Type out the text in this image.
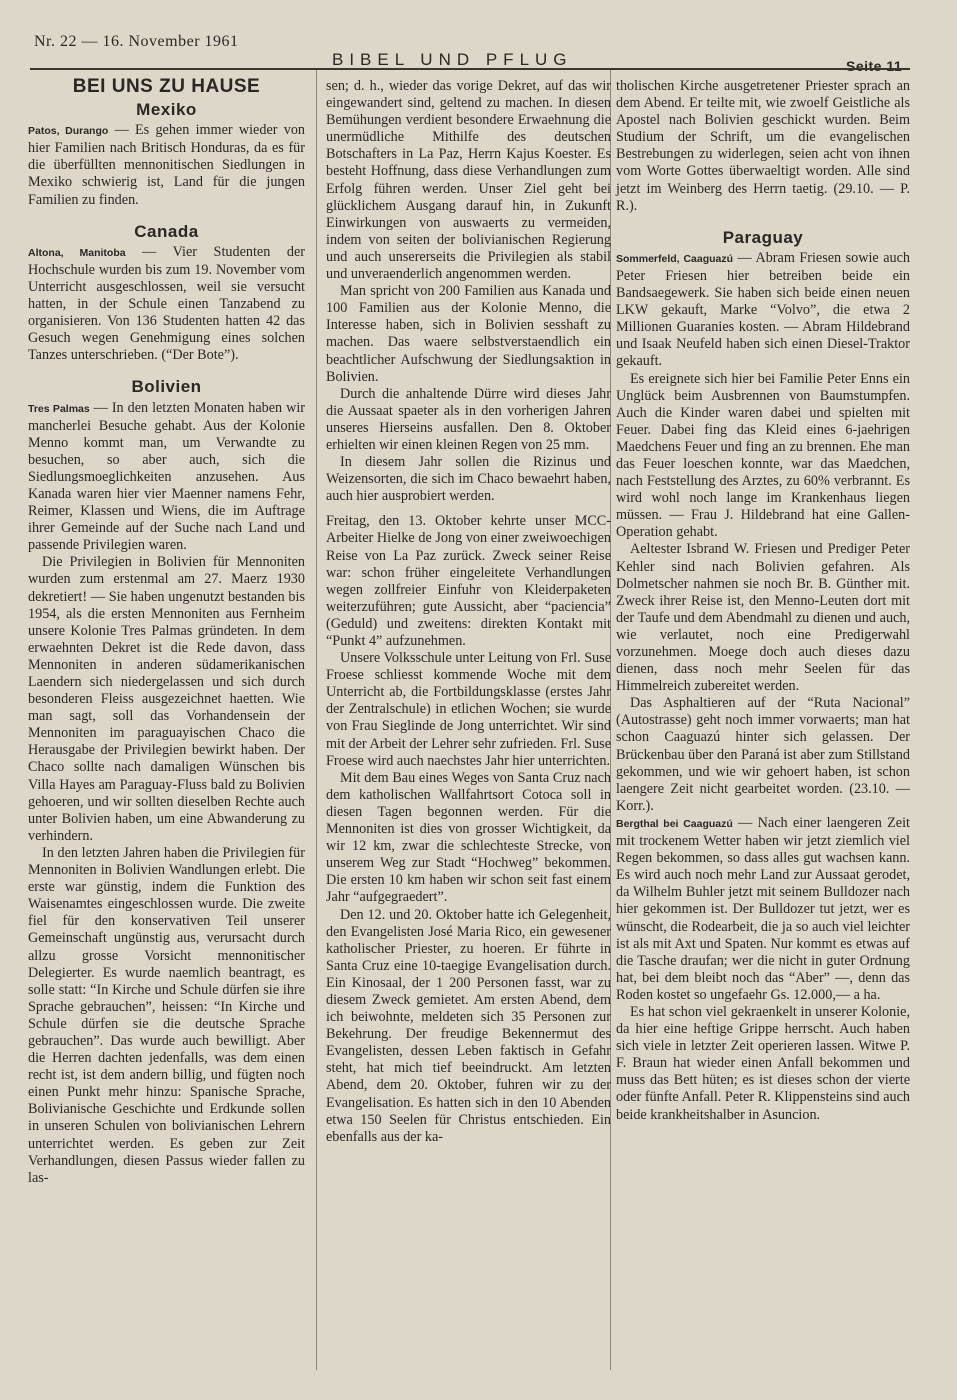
Nr. 22 — 16. November 1961
BIBEL UND PFLUG	Seite 11
BEI UNS ZU HAUSE
Mexiko

Patos, Durango — Es gehen immer wieder von hier Familien nach Britisch Honduras, da es für die überfüllten mennonitischen Siedlungen in Mexiko schwierig ist, Land für die jungen Familien zu finden.

Canada

Altona, Manitoba — Vier Studenten der Hochschule wurden bis zum 19. November vom Unterricht ausgeschlossen, weil sie versucht hatten, in der Schule einen Tanzabend zu organisieren. Von 136 Studenten hatten 42 das Gesuch wegen Genehmigung eines solchen Tanzes unterschrieben. (“Der Bote”).

Bolivien

Tres Palmas — In den letzten Monaten haben wir mancherlei Besuche gehabt. Aus der Kolonie Menno kommt man, um Verwandte zu besuchen, so aber auch, sich die Siedlungsmoeglichkeiten anzusehen. Aus Kanada waren hier vier Maenner namens Fehr, Reimer, Klassen und Wiens, die im Auftrage ihrer Gemeinde auf der Suche nach Land und passende Privilegien waren.

Die Privilegien in Bolivien für Mennoniten wurden zum erstenmal am 27. Maerz 1930 dekretiert! — Sie haben ungenutzt bestanden bis 1954, als die ersten Mennoniten aus Fernheim unsere Kolonie Tres Palmas gründeten. In dem erwaehnten Dekret ist die Rede davon, dass Mennoniten in anderen südamerikanischen Laendern sich niedergelassen und sich durch besonderen Fleiss ausgezeichnet haetten. Wie man sagt, soll das Vorhandensein der Mennoniten im paraguayischen Chaco die Herausgabe der Privilegien bewirkt haben. Der Chaco sollte nach damaligen Wünschen bis Villa Hayes am Paraguay-Fluss bald zu Bolivien gehoeren, und wir sollten dieselben Rechte auch unter Bolivien haben, um eine Abwanderung zu verhindern.

In den letzten Jahren haben die Privilegien für Mennoniten in Bolivien Wandlungen erlebt. Die erste war günstig, indem die Funktion des Waisenamtes eingeschlossen wurde. Die zweite fiel für den konservativen Teil unserer Gemeinschaft ungünstig aus, verursacht durch allzu grosse Vorsicht mennonitischer Delegierter. Es wurde naemlich beantragt, es solle statt: “In Kirche und Schule dürfen sie ihre Sprache gebrauchen”, heissen: “In Kirche und Schule dürfen sie die deutsche Sprache gebrauchen”. Das wurde auch bewilligt. Aber die Herren dachten jedenfalls, was dem einen recht ist, ist dem andern billig, und fügten noch einen Punkt mehr hinzu: Spanische Sprache, Bolivianische Geschichte und Erdkunde sollen in unseren Schulen von bolivianischen Lehrern unterrichtet werden. Es geben zur Zeit Verhandlungen, diesen Passus wieder fallen zu las-

sen; d. h., wieder das vorige Dekret, auf das wir eingewandert sind, geltend zu machen. In diesen Bemühungen verdient besondere Erwaehnung die unermüdliche Mithilfe des deutschen Botschafters in La Paz, Herrn Kajus Koester. Es besteht Hoffnung, dass diese Verhandlungen zum Erfolg führen werden. Unser Ziel geht bei glücklichem Ausgang darauf hin, in Zukunft Einwirkungen von auswaerts zu vermeiden, indem von seiten der bolivianischen Regierung und auch unsererseits die Privilegien als stabil und unveraenderlich angenommen werden.

Man spricht von 200 Familien aus Kanada und 100 Familien aus der Kolonie Menno, die Interesse haben, sich in Bolivien sesshaft zu machen. Das waere selbstverstaendlich ein beachtlicher Aufschwung der Siedlungsaktion in Bolivien.

Durch die anhaltende Dürre wird dieses Jahr die Aussaat spaeter als in den vorherigen Jahren unseres Hierseins ausfallen. Den 8. Oktober erhielten wir einen kleinen Regen von 25 mm.

In diesem Jahr sollen die Rizinus und Weizensorten, die sich im Chaco bewaehrt haben, auch hier ausprobiert werden.

Freitag, den 13. Oktober kehrte unser MCC-Arbeiter Hielke de Jong von einer zweiwoechigen Reise von La Paz zurück. Zweck seiner Reise war: schon früher eingeleitete Verhandlungen wegen zollfreier Einfuhr von Kleiderpaketen weiterzuführen; gute Aussicht, aber “paciencia” (Geduld) und zweitens: direkten Kontakt mit “Punkt 4” aufzunehmen.

Unsere Volksschule unter Leitung von Frl. Suse Froese schliesst kommende Woche mit dem Unterricht ab, die Fortbildungsklasse (erstes Jahr der Zentralschule) in etlichen Wochen; sie wurde von Frau Sieglinde de Jong unterrichtet. Wir sind mit der Arbeit der Lehrer sehr zufrieden. Frl. Suse Froese wird auch naechstes Jahr hier unterrichten.

Mit dem Bau eines Weges von Santa Cruz nach dem katholischen Wallfahrtsort Cotoca soll in diesen Tagen begonnen werden. Für die Mennoniten ist dies von grosser Wichtigkeit, da wir 12 km, zwar die schlechteste Strecke, von unserem Weg zur Stadt “Hochweg” bekommen. Die ersten 10 km haben wir schon seit fast einem Jahr “aufgegraedert”.

Den 12. und 20. Oktober hatte ich Gelegenheit, den Evangelisten José Maria Rico, ein gewesener katholischer Priester, zu hoeren. Er führte in Santa Cruz eine 10-taegige Evangelisation durch. Ein Kinosaal, der 1 200 Personen fasst, war zu diesem Zweck gemietet. Am ersten Abend, dem ich beiwohnte, meldeten sich 35 Personen zur Bekehrung. Der freudige Bekennermut des Evangelisten, dessen Leben faktisch in Gefahr steht, hat mich tief beeindruckt. Am letzten Abend, dem 20. Oktober, fuhren wir zu der Evangelisation. Es hatten sich in den 10 Abenden etwa 150 Seelen für Christus entschieden. Ein ebenfalls aus der ka-

tholischen Kirche ausgetretener Priester sprach an dem Abend. Er teilte mit, wie zwoelf Geistliche als Apostel nach Bolivien geschickt wurden. Beim Studium der Schrift, um die evangelischen Bestrebungen zu widerlegen, seien acht von ihnen vom Worte Gottes überwaeltigt worden. Alle sind jetzt im Weinberg des Herrn taetig. (29.10. — P. R.).

Paraguay

Sommerfeld, Caaguazú — Abram Friesen sowie auch Peter Friesen hier betreiben beide ein Bandsaegewerk. Sie haben sich beide einen neuen LKW gekauft, Marke “Volvo”, die etwa 2 Millionen Guaranies kosten. — Abram Hildebrand und Isaak Neufeld haben sich einen Diesel-Traktor gekauft.

Es ereignete sich hier bei Familie Peter Enns ein Unglück beim Ausbrennen von Baumstumpfen. Auch die Kinder waren dabei und spielten mit Feuer. Dabei fing das Kleid eines 6-jaehrigen Maedchens Feuer und fing an zu brennen. Ehe man das Feuer loeschen konnte, war das Maedchen, nach Feststellung des Arztes, zu 60% verbrannt. Es wird wohl noch lange im Krankenhaus liegen müssen. — Frau J. Hildebrand hat eine Gallen-Operation gehabt.

Aeltester Isbrand W. Friesen und Prediger Peter Kehler sind nach Bolivien gefahren. Als Dolmetscher nahmen sie noch Br. B. Günther mit. Zweck ihrer Reise ist, den Menno-Leuten dort mit der Taufe und dem Abendmahl zu dienen und auch, wie verlautet, noch eine Predigerwahl vorzunehmen. Moege doch auch dieses dazu dienen, dass noch mehr Seelen für das Himmelreich zubereitet werden.

Das Asphaltieren auf der “Ruta Nacional” (Autostrasse) geht noch immer vorwaerts; man hat schon Caaguazú hinter sich gelassen. Der Brückenbau über den Paraná ist aber zum Stillstand gekommen, und wie wir gehoert haben, ist schon laengere Zeit nicht gearbeitet worden. (23.10. — Korr.).

Bergthal bei Caaguazú — Nach einer laengeren Zeit mit trockenem Wetter haben wir jetzt ziemlich viel Regen bekommen, so dass alles gut wachsen kann. Es wird auch noch mehr Land zur Aussaat gerodet, da Wilhelm Buhler jetzt mit seinem Bulldozer nach hier gekommen ist. Der Bulldozer tut jetzt, wer es wünscht, die Rodearbeit, die ja so auch viel leichter ist als mit Axt und Spaten. Nur kommt es etwas auf die Tasche draufan; wer die nicht in guter Ordnung hat, bei dem bleibt noch das “Aber” —, denn das Roden kostet so ungefaehr Gs. 12.000,— a ha.

Es hat schon viel gekraenkelt in unserer Kolonie, da hier eine heftige Grippe herrscht. Auch haben sich viele in letzter Zeit operieren lassen. Witwe P. F. Braun hat wieder einen Anfall bekommen und muss das Bett hüten; es ist dieses schon der vierte oder fünfte Anfall. Peter R. Klippensteins sind auch beide krankheitshalber in Asuncion.
